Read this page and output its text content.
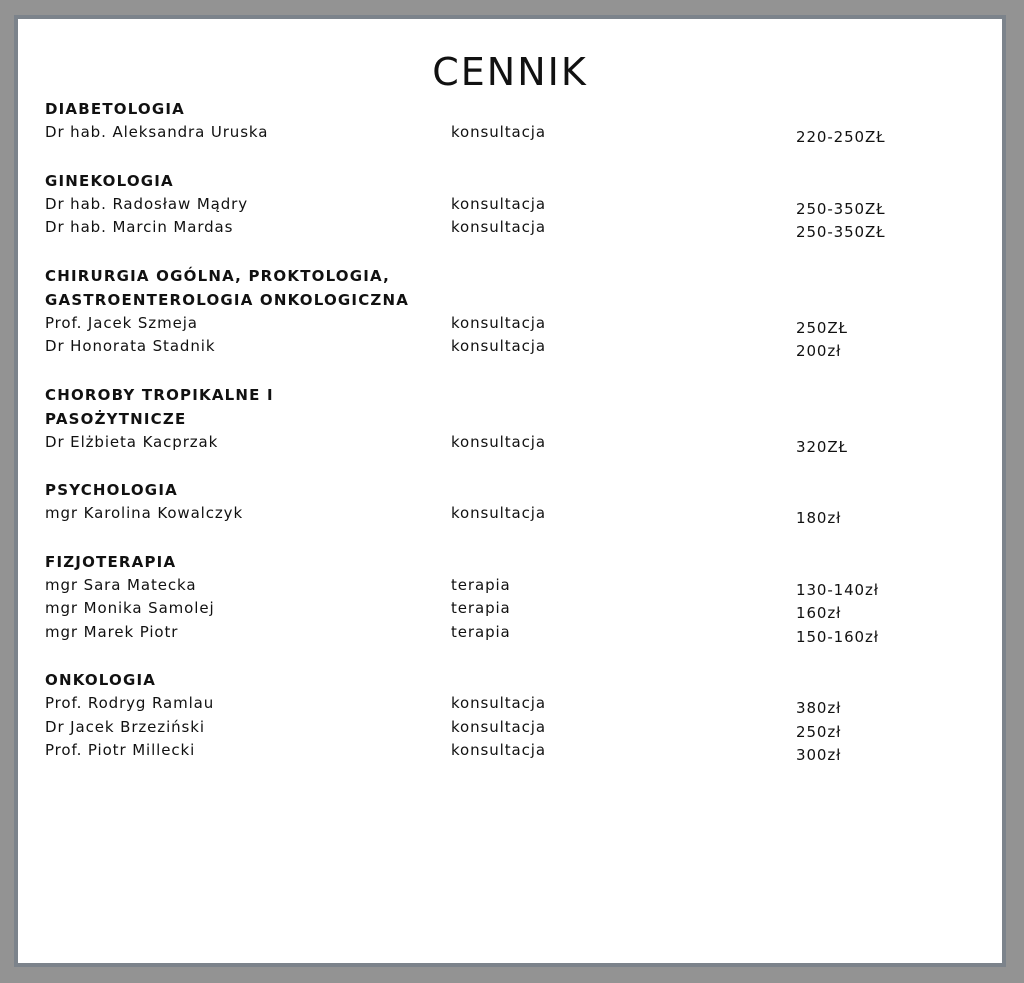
CENNIK
DIABETOLOGIA
Dr hab. Aleksandra Uruska	konsultacja	220-250ZŁ
GINEKOLOGIA
Dr hab. Radosław Mądry	konsultacja	250-350ZŁ
Dr hab. Marcin Mardas	konsultacja	250-350ZŁ
CHIRURGIA OGÓLNA, PROKTOLOGIA, GASTROENTEROLOGIA ONKOLOGICZNA
Prof. Jacek Szmeja	konsultacja	250ZŁ
Dr Honorata Stadnik	konsultacja	200zł
CHOROBY TROPIKALNE I PASOŻYTNICZE
Dr Elżbieta Kacprzak	konsultacja	320ZŁ
PSYCHOLOGIA
mgr Karolina Kowalczyk	konsultacja	180zł
FIZJOTERAPIA
mgr Sara Matecka	terapia	130-140zł
mgr Monika Samolej	terapia	160zł
mgr Marek Piotr	terapia	150-160zł
ONKOLOGIA
Prof. Rodryg Ramlau	konsultacja	380zł
Dr Jacek Brzeziński	konsultacja	250zł
Prof. Piotr Millecki	konsultacja	300zł
